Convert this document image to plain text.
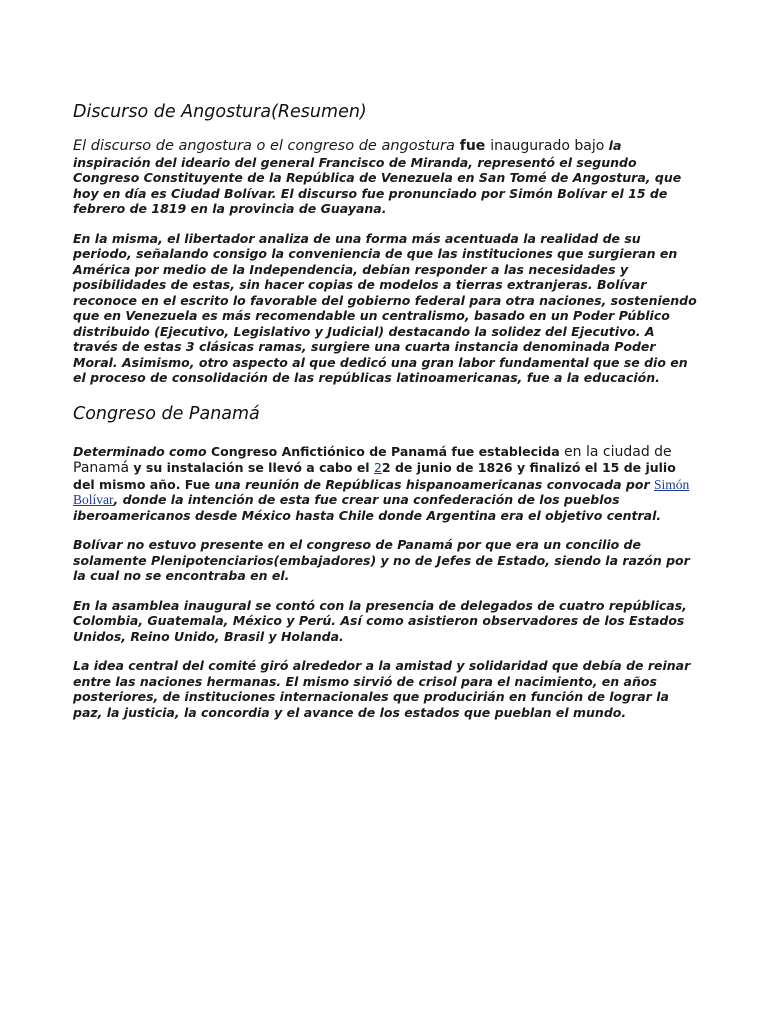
Discurso de Angostura(Resumen)

El discurso de angostura o el congreso de angostura fue inaugurado bajo la inspiración del ideario del general Francisco de Miranda, representó el segundo Congreso Constituyente de la República de Venezuela en San Tomé de Angostura, que hoy en día es Ciudad Bolívar. El discurso fue pronunciado por Simón Bolívar el 15 de febrero de 1819 en la provincia de Guayana.

En la misma, el libertador analiza de una forma más acentuada la realidad de su periodo, señalando consigo la conveniencia de que las instituciones que surgieran en América por medio de la Independencia, debían responder a las necesidades y posibilidades de estas, sin hacer copias de modelos a tierras extranjeras. Bolívar reconoce en el escrito lo favorable del gobierno federal para otra naciones, sosteniendo que en Venezuela es más recomendable un centralismo, basado en un Poder Público distribuido (Ejecutivo, Legislativo y Judicial) destacando la solidez del Ejecutivo. A través de estas 3 clásicas ramas, surgiere una cuarta instancia denominada Poder Moral. Asimismo, otro aspecto al que dedicó una gran labor fundamental que se dio en el proceso de consolidación de las repúblicas latinoamericanas, fue a la educación.

Congreso de Panamá

Determinado como Congreso Anfictiónico de Panamá fue establecida en la ciudad de Panamá y su instalación se llevó a cabo el 22 de junio de 1826 y finalizó el 15 de julio del mismo año. Fue una reunión de Repúblicas hispanoamericanas convocada por Simón Bolívar, donde la intención de esta fue crear una confederación de los pueblos iberoamericanos desde México hasta Chile donde Argentina era el objetivo central.

Bolívar no estuvo presente en el congreso de Panamá por que era un concilio de solamente Plenipotenciarios(embajadores) y no de Jefes de Estado, siendo la razón por la cual no se encontraba en el.

En la asamblea inaugural se contó con la presencia de delegados de cuatro repúblicas, Colombia, Guatemala, México y Perú. Así como asistieron observadores de los Estados Unidos, Reino Unido, Brasil y Holanda.

La idea central del comité giró alrededor a la amistad y solidaridad que debía de reinar entre las naciones hermanas. El mismo sirvió de crisol para el nacimiento, en años posteriores, de instituciones internacionales que producirián en función de lograr la paz, la justicia, la concordia y el avance de los estados que pueblan el mundo.
